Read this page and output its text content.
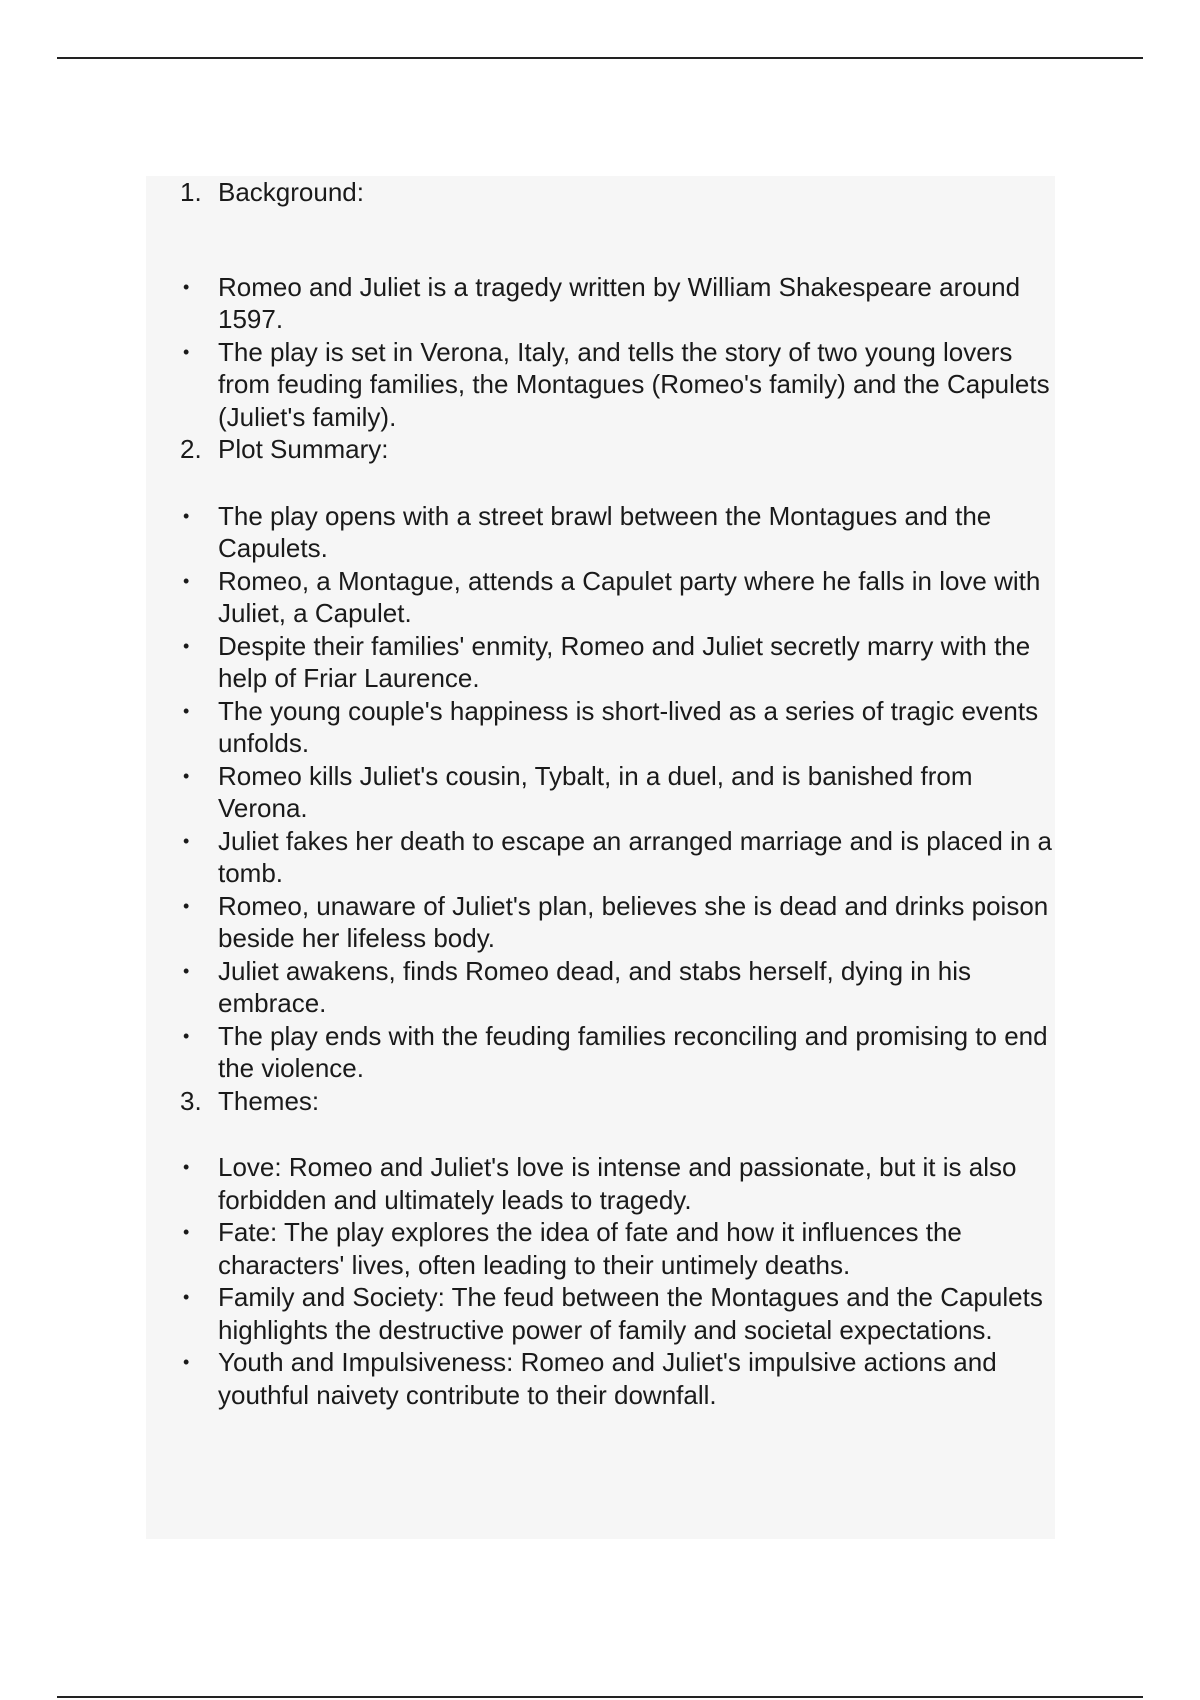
1. Background:

• Romeo and Juliet is a tragedy written by William Shakespeare around 1597.
• The play is set in Verona, Italy, and tells the story of two young lovers from feuding families, the Montagues (Romeo's family) and the Capulets (Juliet's family).

2. Plot Summary:

• The play opens with a street brawl between the Montagues and the Capulets.
• Romeo, a Montague, attends a Capulet party where he falls in love with Juliet, a Capulet.
• Despite their families' enmity, Romeo and Juliet secretly marry with the help of Friar Laurence.
• The young couple's happiness is short-lived as a series of tragic events unfolds.
• Romeo kills Juliet's cousin, Tybalt, in a duel, and is banished from Verona.
• Juliet fakes her death to escape an arranged marriage and is placed in a tomb.
• Romeo, unaware of Juliet's plan, believes she is dead and drinks poison beside her lifeless body.
• Juliet awakens, finds Romeo dead, and stabs herself, dying in his embrace.
• The play ends with the feuding families reconciling and promising to end the violence.

3. Themes:

• Love: Romeo and Juliet's love is intense and passionate, but it is also forbidden and ultimately leads to tragedy.
• Fate: The play explores the idea of fate and how it influences the characters' lives, often leading to their untimely deaths.
• Family and Society: The feud between the Montagues and the Capulets highlights the destructive power of family and societal expectations.
• Youth and Impulsiveness: Romeo and Juliet's impulsive actions and youthful naivety contribute to their downfall.
